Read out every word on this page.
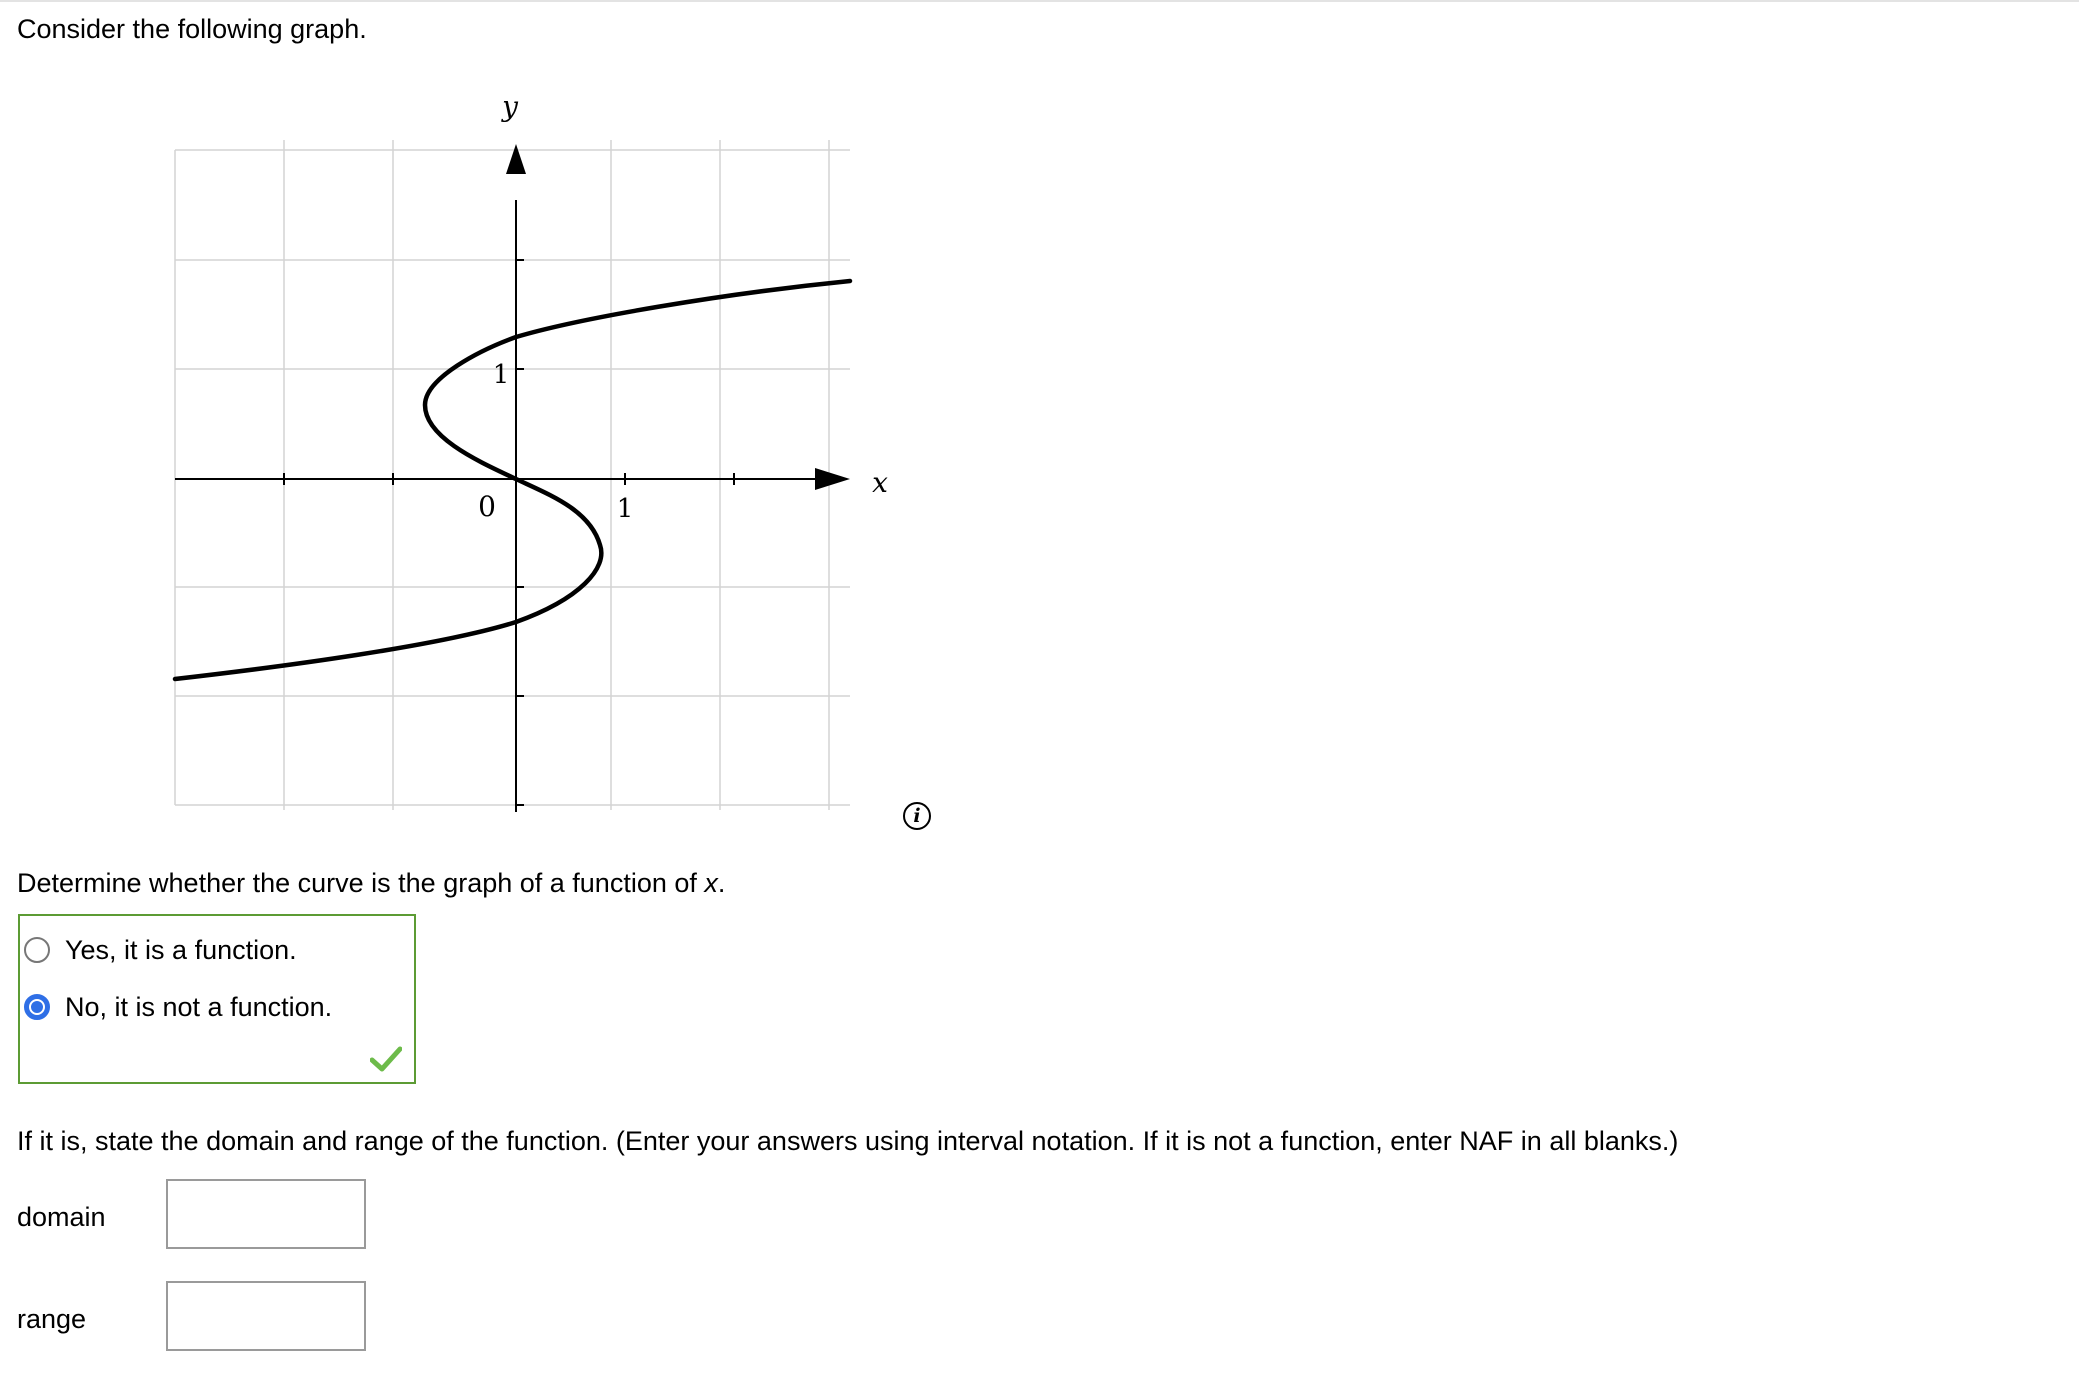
Consider the following graph.
y
x
0	1
1
i
Determine whether the curve is the graph of a function of x.
Yes, it is a function.
No, it is not a function.
If it is, state the domain and range of the function. (Enter your answers using interval notation. If it is not a function, enter NAF in all blanks.)
domain
range
